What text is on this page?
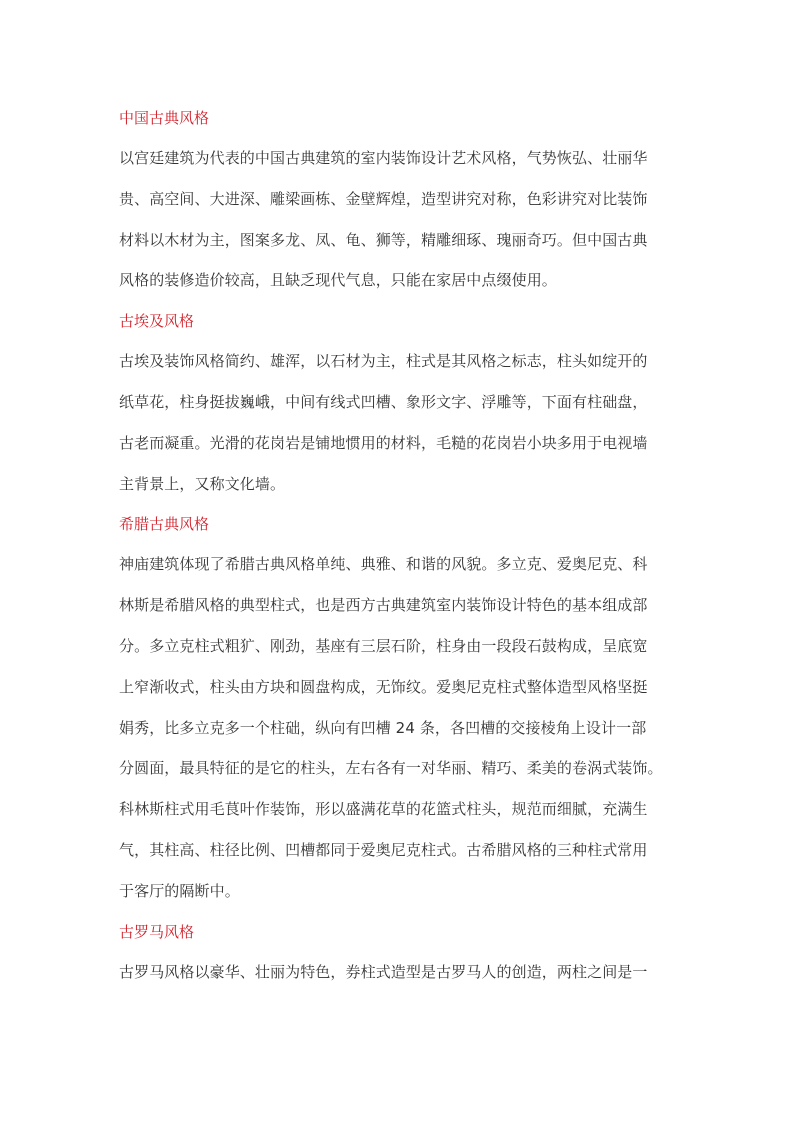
中国古典风格
以宫廷建筑为代表的中国古典建筑的室内装饰设计艺术风格，气势恢弘、壮丽华
贵、高空间、大进深、雕梁画栋、金壁辉煌，造型讲究对称，色彩讲究对比装饰
材料以木材为主，图案多龙、凤、龟、狮等，精雕细琢、瑰丽奇巧。但中国古典
风格的装修造价较高，且缺乏现代气息，只能在家居中点缀使用。
古埃及风格
古埃及装饰风格简约、雄浑，以石材为主，柱式是其风格之标志，柱头如绽开的
纸草花，柱身挺拔巍峨，中间有线式凹槽、象形文字、浮雕等，下面有柱础盘，
古老而凝重。光滑的花岗岩是铺地惯用的材料，毛糙的花岗岩小块多用于电视墙
主背景上，又称文化墙。
希腊古典风格
神庙建筑体现了希腊古典风格单纯、典雅、和谐的风貌。多立克、爱奥尼克、科
林斯是希腊风格的典型柱式，也是西方古典建筑室内装饰设计特色的基本组成部
分。多立克柱式粗犷、刚劲，基座有三层石阶，柱身由一段段石鼓构成，呈底宽
上窄渐收式，柱头由方块和圆盘构成，无饰纹。爱奥尼克柱式整体造型风格坚挺
娟秀，比多立克多一个柱础，纵向有凹槽 24 条，各凹槽的交接棱角上设计一部
分圆面，最具特征的是它的柱头，左右各有一对华丽、精巧、柔美的卷涡式装饰。
科林斯柱式用毛茛叶作装饰，形以盛满花草的花篮式柱头，规范而细腻，充满生
气，其柱高、柱径比例、凹槽都同于爱奥尼克柱式。古希腊风格的三种柱式常用
于客厅的隔断中。
古罗马风格
古罗马风格以豪华、壮丽为特色，券柱式造型是古罗马人的创造，两柱之间是一
